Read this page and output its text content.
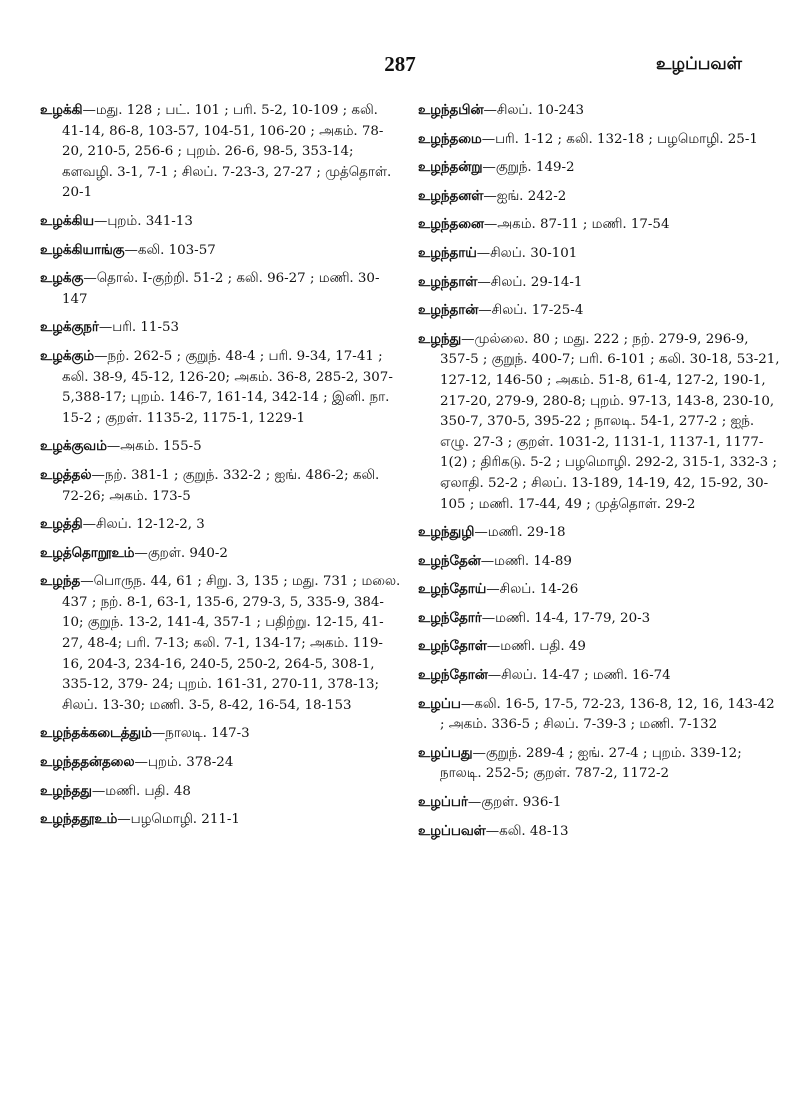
287	உழப்பவள்
உழக்கி—மது. 128 ; பட். 101 ; பரி. 5-2, 10-109 ; கலி. 41-14, 86-8, 103-57, 104-51, 106-20 ; அகம். 78-20, 210-5, 256-6 ; புறம். 26-6, 98-5, 353-14; களவழி. 3-1, 7-1 ; சிலப். 7-23-3, 27-27 ; முத்தொள். 20-1
உழக்கிய—புறம். 341-13
உழக்கியாங்கு—கலி. 103-57
உழக்கு—தொல். I-குற்றி. 51-2 ; கலி. 96-27 ; மணி. 30-147
உழக்குநர்—பரி. 11-53
உழக்கும்—நற். 262-5 ; குறுந். 48-4 ; பரி. 9-34, 17-41 ; கலி. 38-9, 45-12, 126-20; அகம். 36-8, 285-2, 307-5,388-17; புறம். 146-7, 161-14, 342-14 ; இனி. நா. 15-2 ; குறள். 1135-2, 1175-1, 1229-1
உழக்குவம்—அகம். 155-5
உழத்தல்—நற். 381-1 ; குறுந். 332-2 ; ஐங். 486-2; கலி. 72-26; அகம். 173-5
உழத்தி—சிலப். 12-12-2, 3
உழத்தொறூஉம்—குறள். 940-2
உழந்த—பொருந. 44, 61 ; சிறு. 3, 135 ; மது. 731 ; மலை. 437 ; நற். 8-1, 63-1, 135-6, 279-3, 5, 335-9, 384-10; குறுந். 13-2, 141-4, 357-1 ; பதிற்று. 12-15, 41-27, 48-4; பரி. 7-13; கலி. 7-1, 134-17; அகம். 119-16, 204-3, 234-16, 240-5, 250-2, 264-5, 308-1, 335-12, 379- 24; புறம். 161-31, 270-11, 378-13; சிலப். 13-30; மணி. 3-5, 8-42, 16-54, 18-153
உழந்தக்கடைத்தும்—நாலடி. 147-3
உழந்ததன்தலை—புறம். 378-24
உழந்தது—மணி. பதி. 48
உழந்ததூஉம்—பழமொழி. 211-1
உழந்தபின்—சிலப். 10-243
உழந்தமை—பரி. 1-12 ; கலி. 132-18 ; பழமொழி. 25-1
உழந்தன்று—குறுந். 149-2
உழந்தனள்—ஐங். 242-2
உழந்தனை—அகம். 87-11 ; மணி. 17-54
உழந்தாய்—சிலப். 30-101
உழந்தாள்—சிலப். 29-14-1
உழந்தான்—சிலப். 17-25-4
உழந்து—முல்லை. 80 ; மது. 222 ; நற். 279-9, 296-9, 357-5 ; குறுந். 400-7; பரி. 6-101 ; கலி. 30-18, 53-21, 127-12, 146-50 ; அகம். 51-8, 61-4, 127-2, 190-1, 217-20, 279-9, 280-8; புறம். 97-13, 143-8, 230-10, 350-7, 370-5, 395-22 ; நாலடி. 54-1, 277-2 ; ஐந். எழு. 27-3 ; குறள். 1031-2, 1131-1, 1137-1, 1177-1(2) ; திரிகடு. 5-2 ; பழமொழி. 292-2, 315-1, 332-3 ; ஏலாதி. 52-2 ; சிலப். 13-189, 14-19, 42, 15-92, 30-105 ; மணி. 17-44, 49 ; முத்தொள். 29-2
உழந்துழி—மணி. 29-18
உழந்தேன்—மணி. 14-89
உழந்தோய்—சிலப். 14-26
உழந்தோர்—மணி. 14-4, 17-79, 20-3
உழந்தோள்—மணி. பதி. 49
உழந்தோன்—சிலப். 14-47 ; மணி. 16-74
உழப்ப—கலி. 16-5, 17-5, 72-23, 136-8, 12, 16, 143-42 ; அகம். 336-5 ; சிலப். 7-39-3 ; மணி. 7-132
உழப்பது—குறுந். 289-4 ; ஐங். 27-4 ; புறம். 339-12; நாலடி. 252-5; குறள். 787-2, 1172-2
உழப்பர்—குறள். 936-1
உழப்பவள்—கலி. 48-13
